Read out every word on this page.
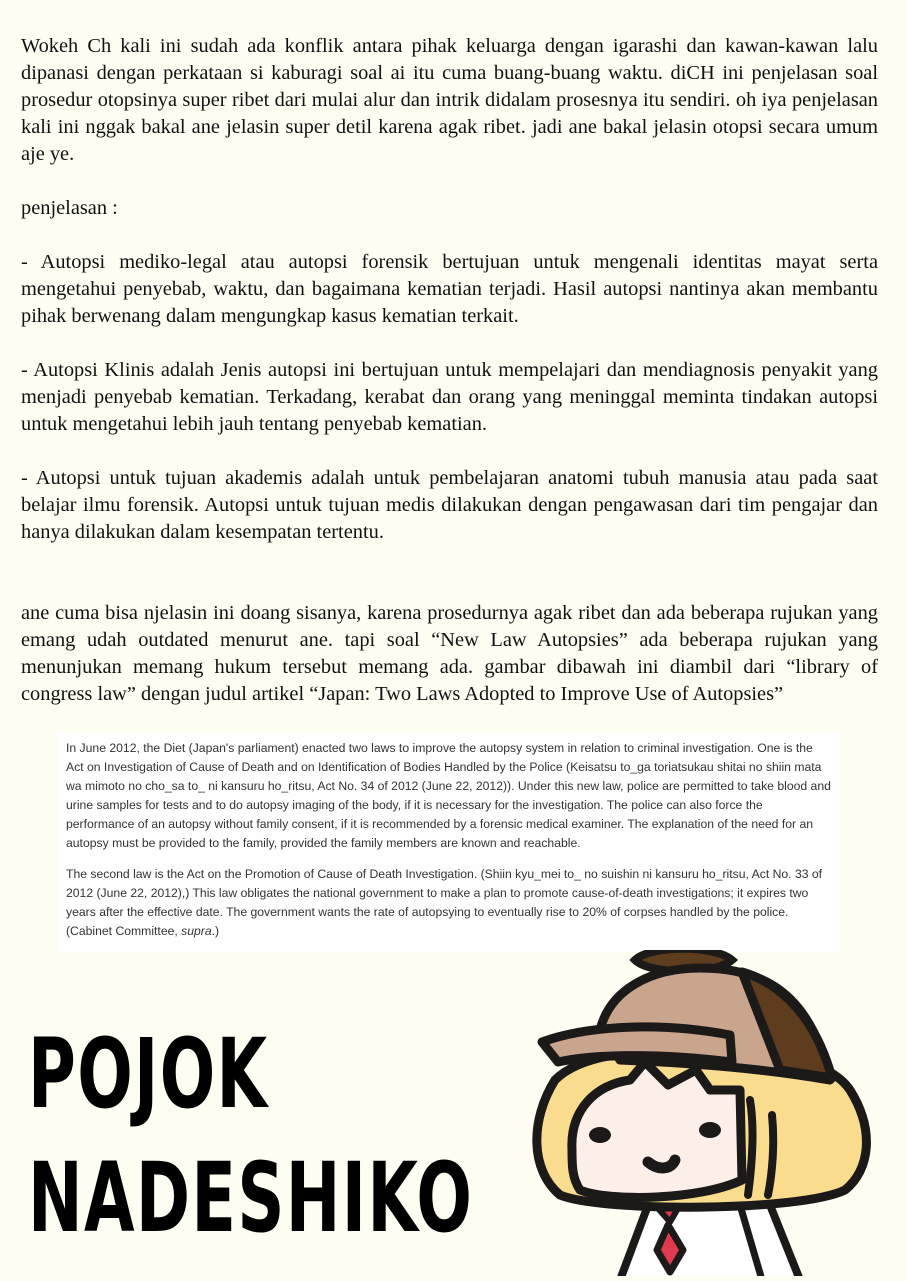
Wokeh Ch kali ini sudah ada konflik antara pihak keluarga dengan igarashi dan kawan-kawan lalu dipanasi dengan perkataan si kaburagi soal ai itu cuma buang-buang waktu. diCH ini penjelasan soal prosedur otopsinya super ribet dari mulai alur dan intrik didalam prosesnya itu sendiri. oh iya penjelasan kali ini nggak bakal ane jelasin super detil karena agak ribet. jadi ane bakal jelasin otopsi secara umum aje ye.

penjelasan :

- Autopsi mediko-legal atau autopsi forensik bertujuan untuk mengenali identitas mayat serta mengetahui penyebab, waktu, dan bagaimana kematian terjadi. Hasil autopsi nantinya akan membantu pihak berwenang dalam mengungkap kasus kematian terkait.

- Autopsi Klinis adalah Jenis autopsi ini bertujuan untuk mempelajari dan mendiagnosis penyakit yang menjadi penyebab kematian. Terkadang, kerabat dan orang yang meninggal meminta tindakan autopsi untuk mengetahui lebih jauh tentang penyebab kematian.

- Autopsi untuk tujuan akademis adalah untuk pembelajaran anatomi tubuh manusia atau pada saat belajar ilmu forensik. Autopsi untuk tujuan medis dilakukan dengan pengawasan dari tim pengajar dan hanya dilakukan dalam kesempatan tertentu.

ane cuma bisa njelasin ini doang sisanya, karena prosedurnya agak ribet dan ada beberapa rujukan yang emang udah outdated menurut ane. tapi soal “New Law Autopsies” ada beberapa rujukan yang menunjukan memang hukum tersebut memang ada. gambar dibawah ini diambil dari “library of congress law” dengan judul artikel “Japan: Two Laws Adopted to Improve Use of Autopsies”

In June 2012, the Diet (Japan's parliament) enacted two laws to improve the autopsy system in relation to criminal investigation. One is the Act on Investigation of Cause of Death and on Identification of Bodies Handled by the Police (Keisatsu to_ga toriatsukau shitai no shiin mata wa mimoto no cho_sa to_ ni kansuru ho_ritsu, Act No. 34 of 2012 (June 22, 2012)). Under this new law, police are permitted to take blood and urine samples for tests and to do autopsy imaging of the body, if it is necessary for the investigation. The police can also force the performance of an autopsy without family consent, if it is recommended by a forensic medical examiner. The explanation of the need for an autopsy must be provided to the family, provided the family members are known and reachable.

The second law is the Act on the Promotion of Cause of Death Investigation. (Shiin kyu_mei to_ no suishin ni kansuru ho_ritsu, Act No. 33 of 2012 (June 22, 2012),) This law obligates the national government to make a plan to promote cause-of-death investigations; it expires two years after the effective date. The government wants the rate of autopsying to eventually rise to 20% of corpses handled by the police. (Cabinet Committee, supra.)

POJOK
NADESHIKO
